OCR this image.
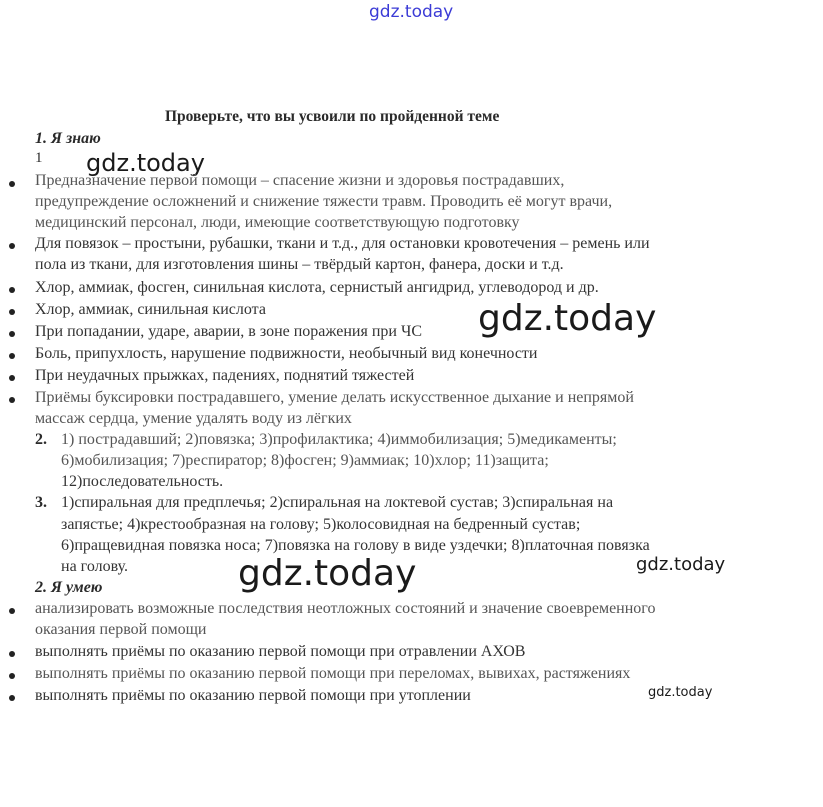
gdz.today
gdz.today
gdz.today
gdz.today	gdz.today
gdz.today
Проверьте, что вы усвоили по пройденной теме
1. Я знаю
1
Предназначение первой помощи – спасение жизни и здоровья пострадавших,
предупреждение осложнений и снижение тяжести травм. Проводить её могут врачи,
медицинский персонал, люди, имеющие соответствующую подготовку
Для повязок – простыни, рубашки, ткани и т.д., для остановки кровотечения – ремень или
пола из ткани, для изготовления шины – твёрдый картон, фанера, доски и т.д.
Хлор, аммиак, фосген, синильная кислота, сернистый ангидрид, углеводород и др.
Хлор, аммиак, синильная кислота
При попадании, ударе, аварии, в зоне поражения при ЧС
Боль, припухлость, нарушение подвижности, необычный вид конечности
При неудачных прыжках, падениях, поднятий тяжестей
Приёмы буксировки пострадавшего, умение делать искусственное дыхание и непрямой
массаж сердца, умение удалять воду из лёгких
2. 1) пострадавший; 2)повязка; 3)профилактика; 4)иммобилизация; 5)медикаменты;
6)мобилизация; 7)респиратор; 8)фосген; 9)аммиак; 10)хлор; 11)защита;
12)последовательность.
3. 1)спиральная для предплечья; 2)спиральная на локтевой сустав; 3)спиральная на
запястье; 4)крестообразная на голову; 5)колосовидная на бедренный сустав;
6)пращевидная повязка носа; 7)повязка на голову в виде уздечки; 8)платочная повязка
на голову.
2. Я умею
анализировать возможные последствия неотложных состояний и значение своевременного
оказания первой помощи
выполнять приёмы по оказанию первой помощи при отравлении АХОВ
выполнять приёмы по оказанию первой помощи при переломах, вывихах, растяжениях
выполнять приёмы по оказанию первой помощи при утоплении
